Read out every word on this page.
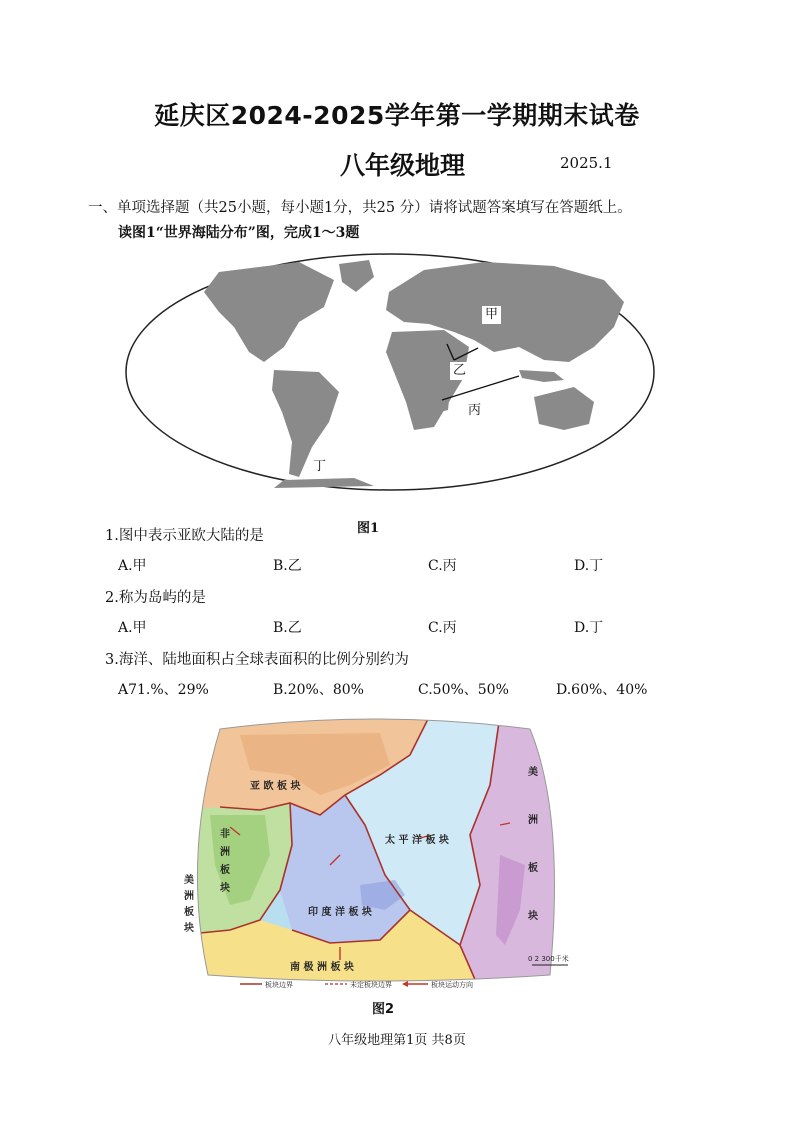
延庆区2024-2025学年第一学期期末试卷
八年级地理	2025.1
一、单项选择题（共25小题，每小题1分，共25 分）请将试题答案填写在答题纸上。
读图1“世界海陆分布”图，完成1～3题
甲
乙
丙
丁
图1
1.图中表示亚欧大陆的是
A.甲	B.乙	C.丙	D.丁
2.称为岛屿的是
A.甲	B.乙	C.丙	D.丁
3.海洋、陆地面积占全球表面积的比例分别约为
A71.%、29%	B.20%、80%	C.50%、50%	D.60%、40%
亚 欧 板 块
太 平 洋 板 块
印 度 洋 板 块
南 极 洲 板 块
非
洲
板
块
美
洲
板
块
美
洲
板
块
0 2 300千米
板块边界	未定板块边界	板块运动方向
图2
八年级地理第1页 共8页
